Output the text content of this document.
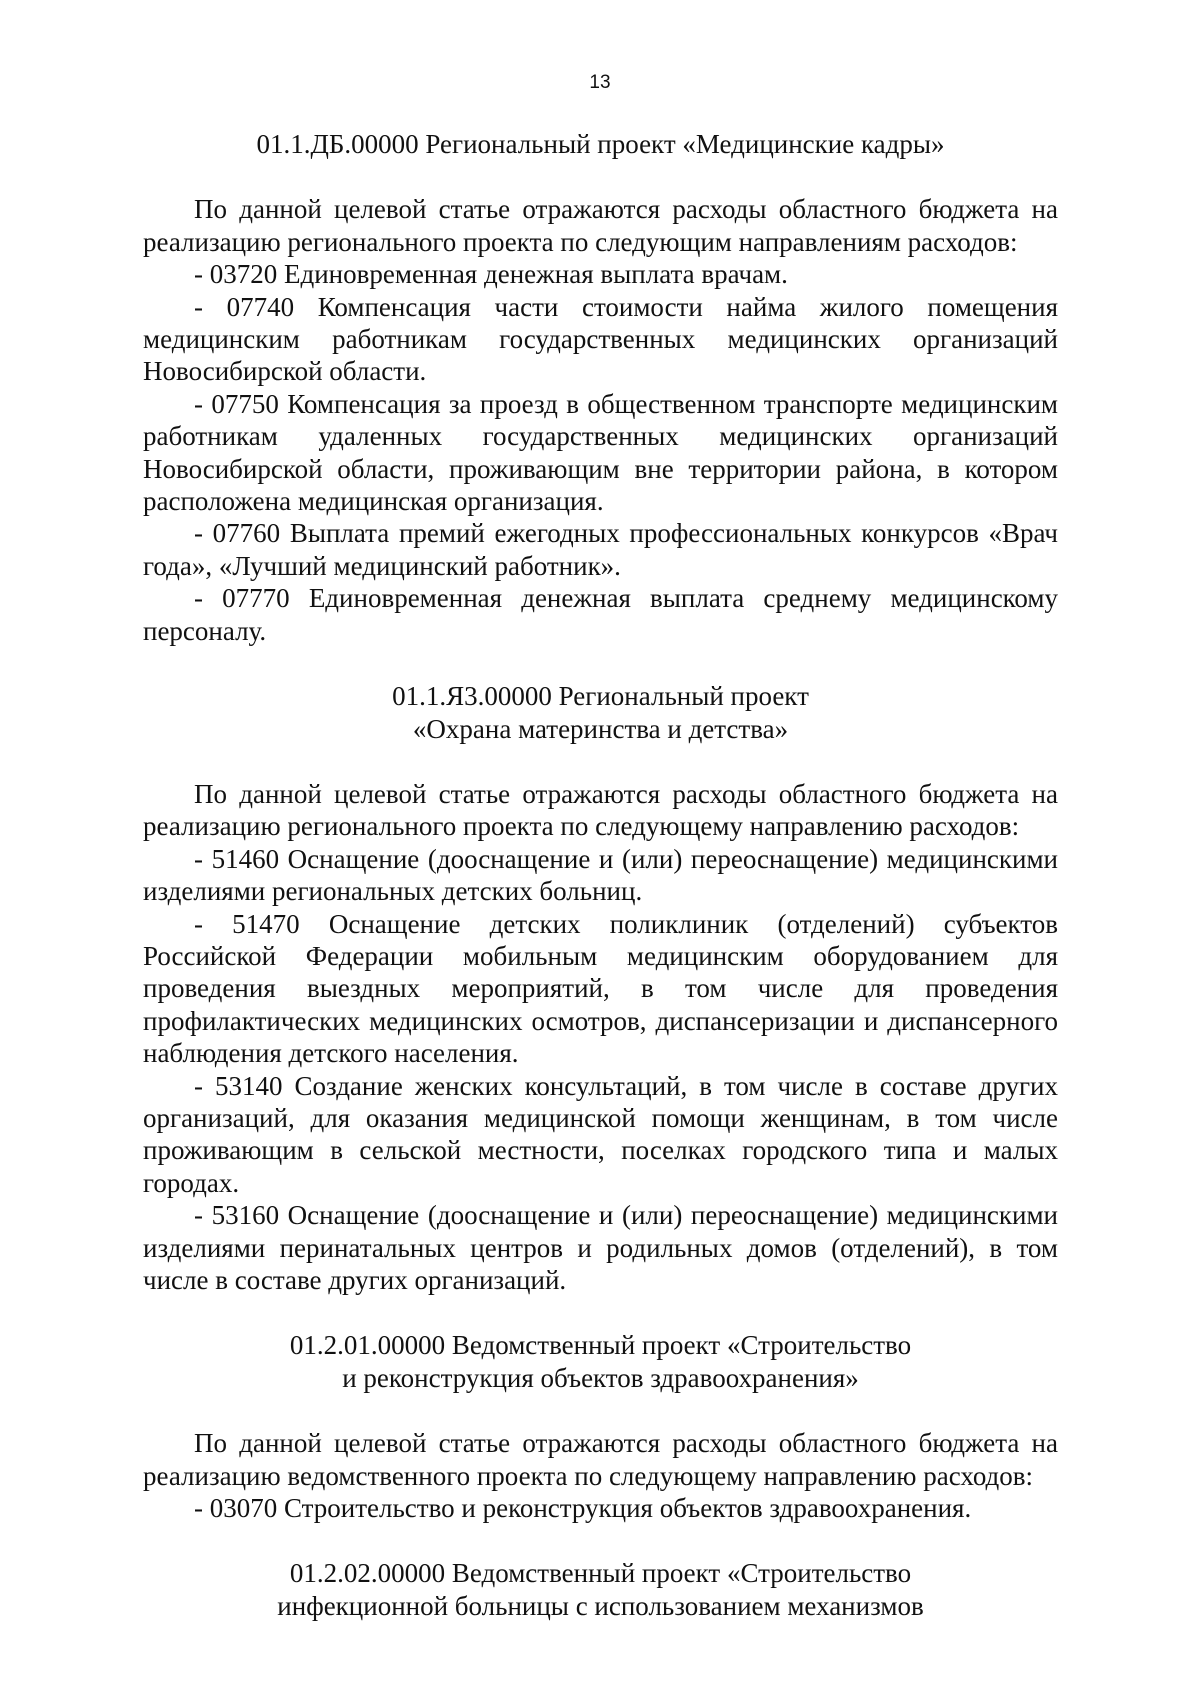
13
01.1.ДБ.00000 Региональный проект «Медицинские кадры»

По данной целевой статье отражаются расходы областного бюджета на реализацию регионального проекта по следующим направлениям расходов:

- 03720 Единовременная денежная выплата врачам.

- 07740 Компенсация части стоимости найма жилого помещения медицинским работникам государственных медицинских организаций Новосибирской области.

- 07750 Компенсация за проезд в общественном транспорте медицинским работникам удаленных государственных медицинских организаций Новосибирской области, проживающим вне территории района, в котором расположена медицинская организация.

- 07760 Выплата премий ежегодных профессиональных конкурсов «Врач года», «Лучший медицинский работник».

- 07770 Единовременная денежная выплата среднему медицинскому персоналу.

01.1.Я3.00000 Региональный проект
«Охрана материнства и детства»

По данной целевой статье отражаются расходы областного бюджета на реализацию регионального проекта по следующему направлению расходов:

- 51460 Оснащение (дооснащение и (или) переоснащение) медицинскими изделиями региональных детских больниц.

- 51470 Оснащение детских поликлиник (отделений) субъектов Российской Федерации мобильным медицинским оборудованием для проведения выездных мероприятий, в том числе для проведения профилактических медицинских осмотров, диспансеризации и диспансерного наблюдения детского населения.

- 53140 Создание женских консультаций, в том числе в составе других организаций, для оказания медицинской помощи женщинам, в том числе проживающим в сельской местности, поселках городского типа и малых городах.

- 53160 Оснащение (дооснащение и (или) переоснащение) медицинскими изделиями перинатальных центров и родильных домов (отделений), в том числе в составе других организаций.

01.2.01.00000 Ведомственный проект «Строительство
и реконструкция объектов здравоохранения»

По данной целевой статье отражаются расходы областного бюджета на реализацию ведомственного проекта по следующему направлению расходов:

- 03070 Строительство и реконструкция объектов здравоохранения.

01.2.02.00000 Ведомственный проект «Строительство
инфекционной больницы с использованием механизмов
